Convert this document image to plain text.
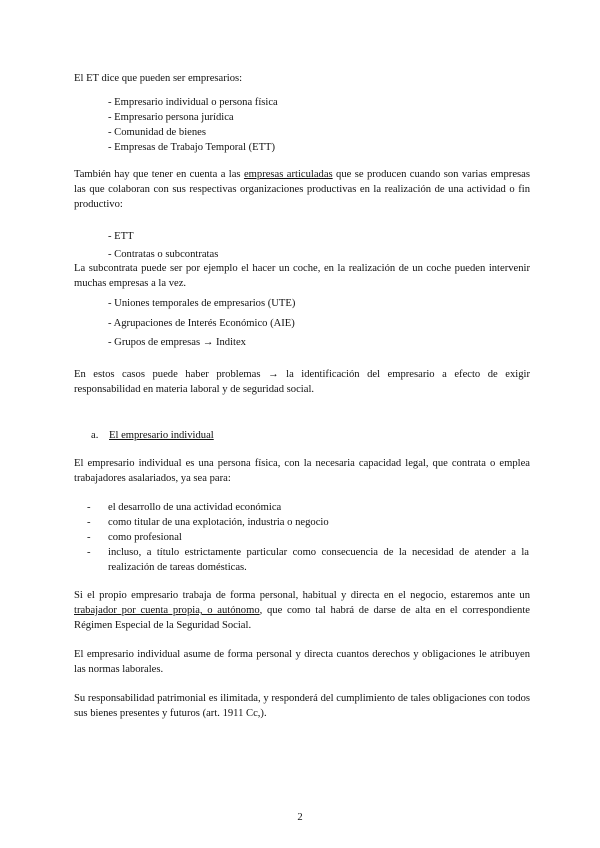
El ET dice que pueden ser empresarios:

- Empresario individual o persona física

- Empresario persona jurídica

- Comunidad de bienes

- Empresas de Trabajo Temporal (ETT)

También hay que tener en cuenta a las empresas articuladas que se producen cuando son varias empresas las que colaboran con sus respectivas organizaciones productivas en la realización de una actividad o fin productivo:

- ETT

- Contratas o subcontratas

La subcontrata puede ser por ejemplo el hacer un coche, en la realización de un coche pueden intervenir muchas empresas a la vez.

- Uniones temporales de empresarios (UTE)

- Agrupaciones de Interés Económico (AIE)

- Grupos de empresas → Inditex

En estos casos puede haber problemas → la identificación del empresario a efecto de exigir responsabilidad en materia laboral y de seguridad social.

a. El empresario individual

El empresario individual es una persona física, con la necesaria capacidad legal, que contrata o emplea trabajadores asalariados, ya sea para:

- el desarrollo de una actividad económica
- como titular de una explotación, industria o negocio
- como profesional
- incluso, a título estrictamente particular como consecuencia de la necesidad de atender a la realización de tareas domésticas.

Si el propio empresario trabaja de forma personal, habitual y directa en el negocio, estaremos ante un trabajador por cuenta propia, o autónomo, que como tal habrá de darse de alta en el correspondiente Régimen Especial de la Seguridad Social.

El empresario individual asume de forma personal y directa cuantos derechos y obligaciones le atribuyen las normas laborales.

Su responsabilidad patrimonial es ilimitada, y responderá del cumplimiento de tales obligaciones con todos sus bienes presentes y futuros (art. 1911 Cc,).

2
